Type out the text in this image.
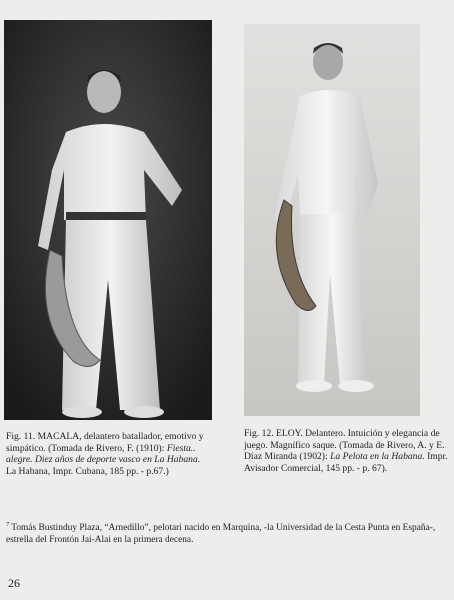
Fig. 11. MACALA, delantero batallador, emotivo y simpático. (Tomada de Rivero, F. (1910): Fiesta.. alegre. Diez años de deporte vasco en La Habana. La Habana, Impr. Cubana, 185 pp. - p.67.)
Fig. 12. ELOY. Delantero. Intuición y elegancia de juego. Magnífico saque. (Tomada de Rivero, A. y E. Díaz Miranda (1902): La Pelota en la Habana. Impr. Avisador Comercial, 145 pp. - p. 67).
$^7$ Tomás Bustinduy Plaza, “Arnedillo”, pelotari nacido en Marquina, -la Universidad de la Cesta Punta en España-, estrella del Frontón Jai-Alai en la primera decena.
26
